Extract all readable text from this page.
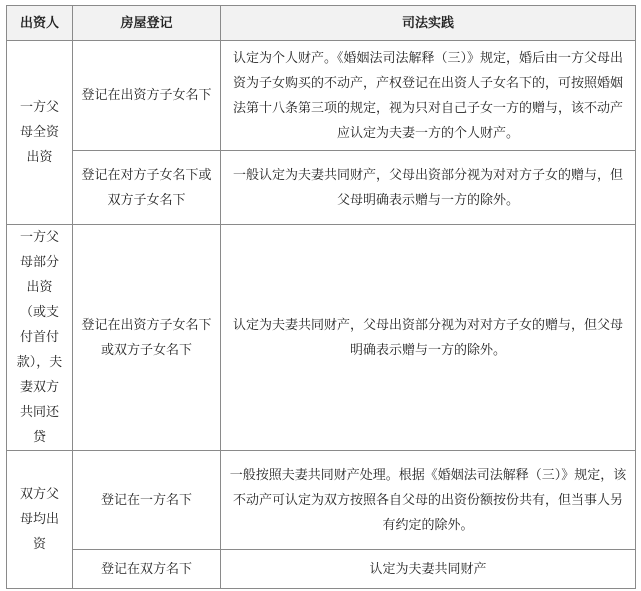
出资人	房屋登记	司法实践
一方父母全资出资	登记在出资方子女名下	认定为个人财产。《婚姻法司法解释（三）》规定，婚后由一方父母出资为子女购买的不动产，产权登记在出资人子女名下的，可按照婚姻法第十八条第三项的规定，视为只对自己子女一方的赠与，该不动产应认定为夫妻一方的个人财产。
	登记在对方子女名下或双方子女名下	一般认定为夫妻共同财产，父母出资部分视为对对方子女的赠与，但父母明确表示赠与一方的除外。
一方父母部分出资（或支付首付款），夫妻双方共同还贷	登记在出资方子女名下或双方子女名下	认定为夫妻共同财产，父母出资部分视为对对方子女的赠与，但父母明确表示赠与一方的除外。
双方父母均出资	登记在一方名下	一般按照夫妻共同财产处理。根据《婚姻法司法解释（三）》规定，该不动产可认定为双方按照各自父母的出资份额按份共有，但当事人另有约定的除外。
	登记在双方名下	认定为夫妻共同财产
